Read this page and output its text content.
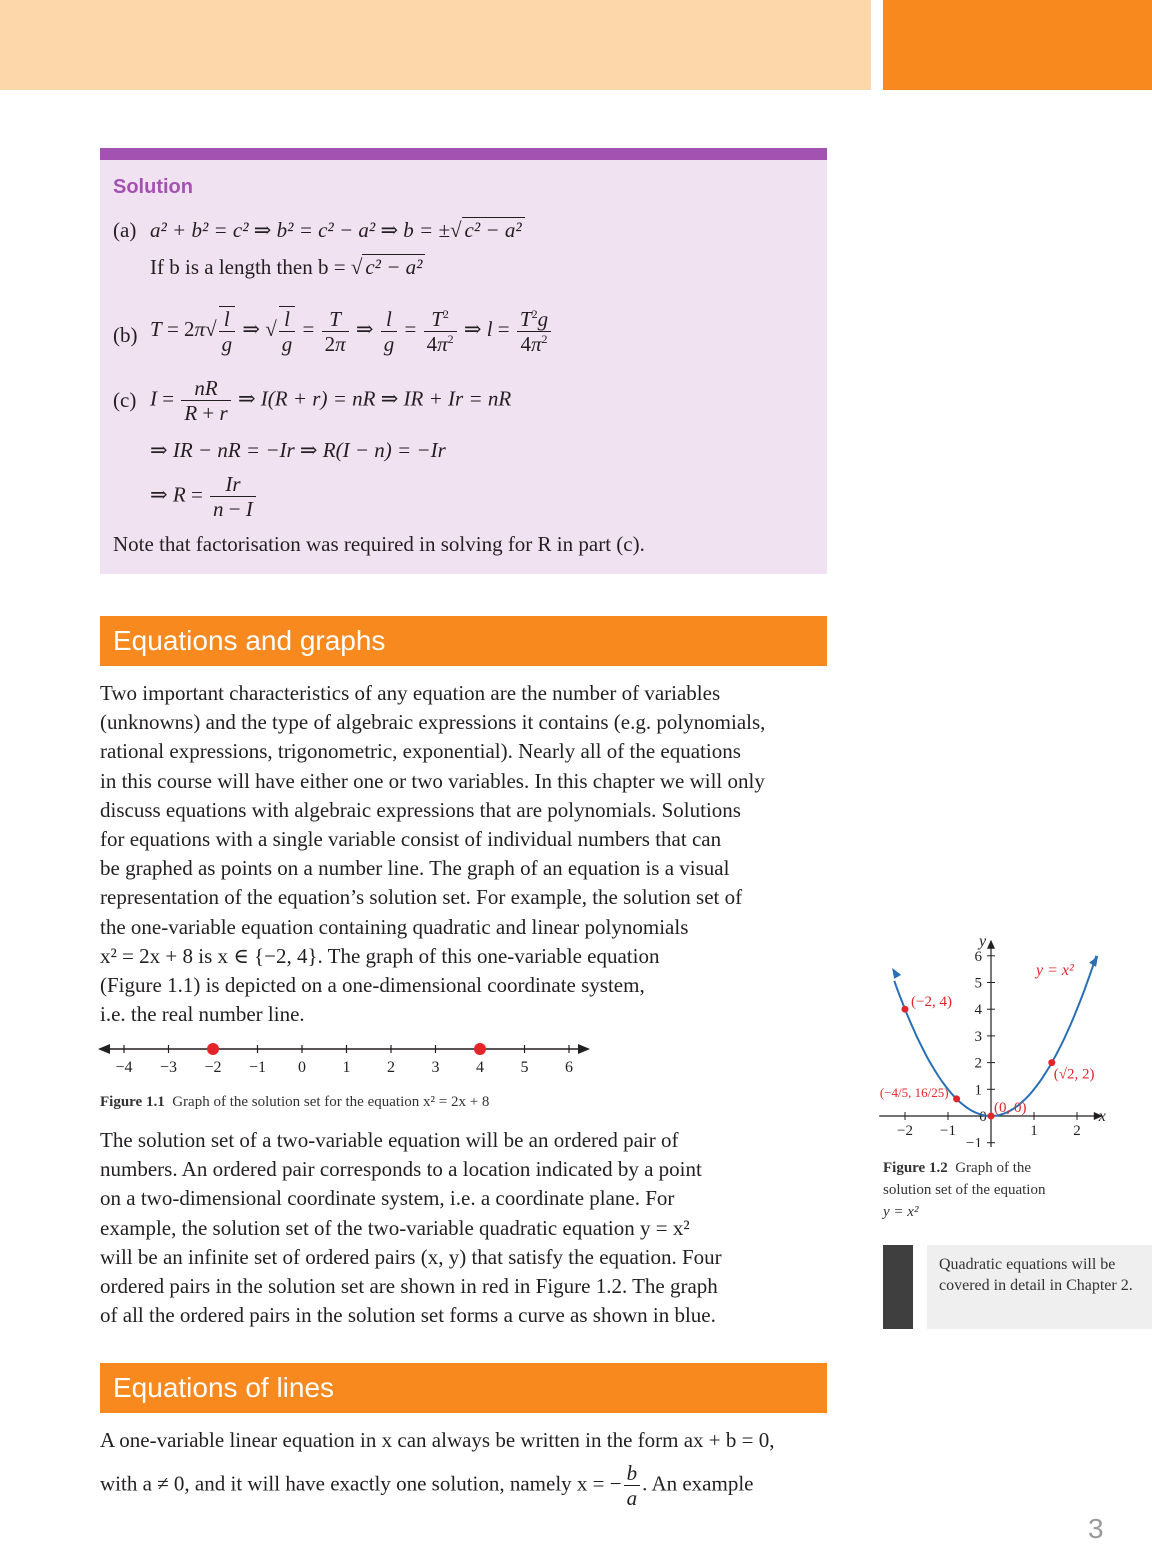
Solution
(a) a² + b² = c² ⇒ b² = c² − a² ⇒ b = ±√ c² − a²
If b is a length then b = √ c² − a²
(b) $T = 2\pi√ \frac{l}{g}$ ⇒ √ $\frac{l}{g} = \frac{T}{2\pi}$ ⇒ $\frac{l}{g} = \frac{T^2}{4\pi^2}$ ⇒ $l = \frac{T^2g}{4\pi^2}$
(c) $I = \frac{nR}{R + r}$ ⇒ I(R + r) = nR ⇒ IR + Ir = nR
⇒ IR − nR = −Ir ⇒ R(I − n) = −Ir
⇒ $R = \frac{Ir}{n - I}$
Note that factorisation was required in solving for R in part (c).
Equations and graphs
Two important characteristics of any equation are the number of variables
(unknowns) and the type of algebraic expressions it contains (e.g. polynomials,
rational expressions, trigonometric, exponential). Nearly all of the equations
in this course will have either one or two variables. In this chapter we will only
discuss equations with algebraic expressions that are polynomials. Solutions
for equations with a single variable consist of individual numbers that can
be graphed as points on a number line. The graph of an equation is a visual
representation of the equation’s solution set. For example, the solution set of
the one-variable equation containing quadratic and linear polynomials
x² = 2x + 8 is x ∈ {−2, 4}. The graph of this one-variable equation
(Figure 1.1) is depicted on a one-dimensional coordinate system,
i.e. the real number line.
−4 −3 −2 −1 0 1 2 3 4 5 6
Figure 1.1 Graph of the solution set for the equation x² = 2x + 8
The solution set of a two-variable equation will be an ordered pair of
numbers. An ordered pair corresponds to a location indicated by a point
on a two-dimensional coordinate system, i.e. a coordinate plane. For
example, the solution set of the two-variable quadratic equation y = x²
will be an infinite set of ordered pairs (x, y) that satisfy the equation. Four
ordered pairs in the solution set are shown in red in Figure 1.2. The graph
of all the ordered pairs in the solution set forms a curve as shown in blue.
Equations of lines
A one-variable linear equation in x can always be written in the form ax + b = 0,
with a ≠ 0, and it will have exactly one solution, namely x = − $\frac{b}{a}$ . An example
x
y
−2 −1	1 2
−1
1
2
3
4
5
6
0
(−2, 4)
(−4/5, 16/25)
(0, 0)
(√2, 2)
y = x²
Figure 1.2 Graph of the
solution set of the equation
y = x²
Quadratic equations will be covered in detail in Chapter 2.
3
